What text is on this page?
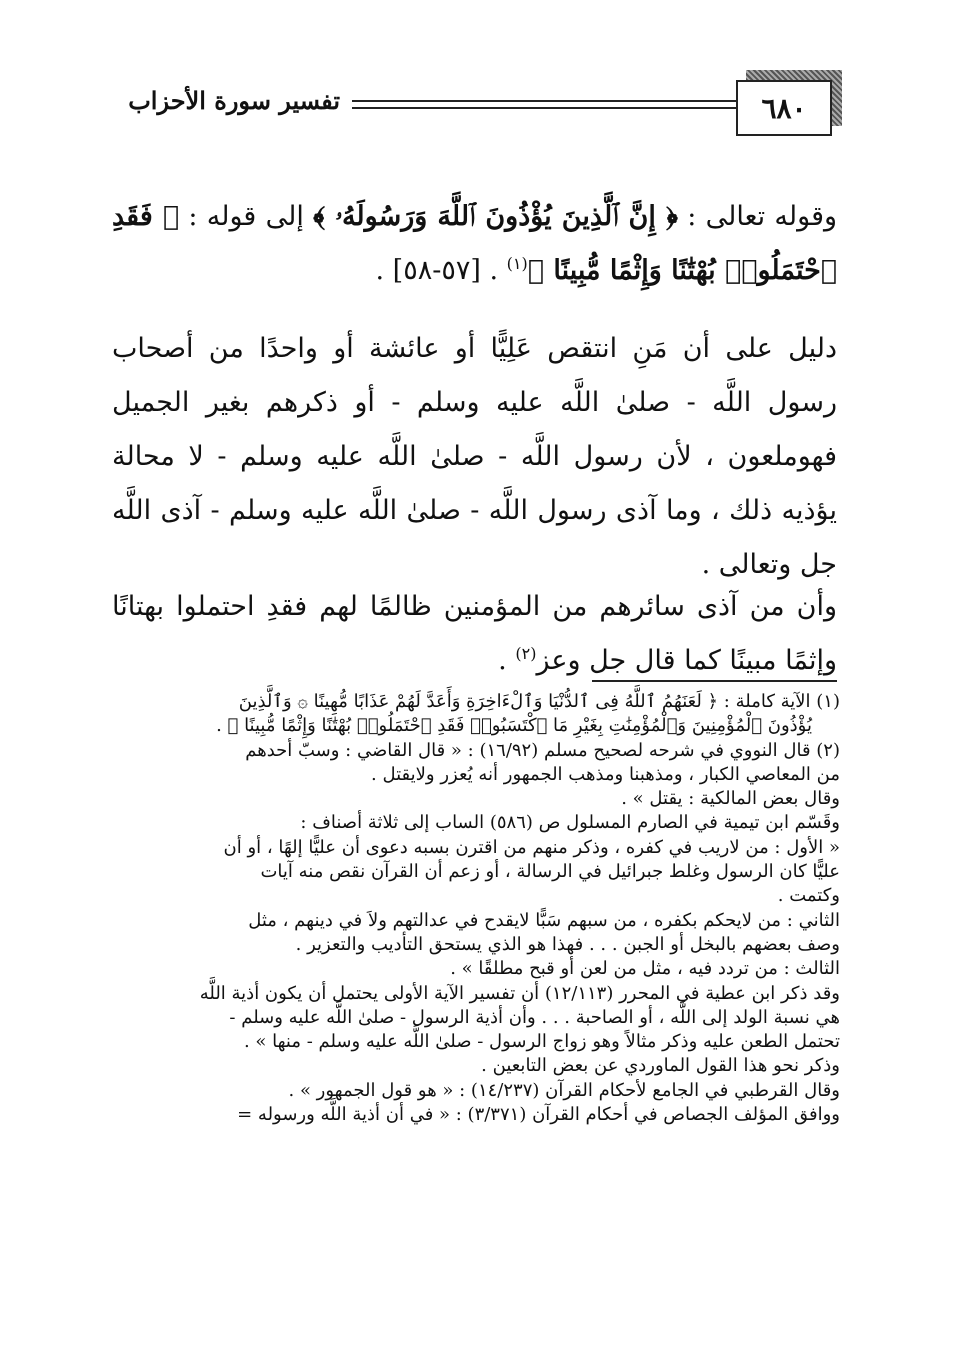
٦٨٠
تفسير سورة الأحزاب
وقوله تعالى : ﴿ إِنَّ ٱلَّذِينَ يُؤْذُونَ ٱللَّهَ وَرَسُولَهُۥ ﴾ إلى قوله : ﴿ فَقَدِ ٱحْتَمَلُوا۟ بُهْتَٰنًا وَإِثْمًا مُّبِينًا ﴾$^{(١)}$ . [٥٧-٥٨] .
دليل على أن مَنِ انتقص عَلِيًّا أو عائشة أو واحدًا من أصحاب رسول اللَّه - صلىٰ اللَّه عليه وسلم - أو ذكرهم بغير الجميل فهوملعون ، لأن رسول اللَّه - صلىٰ اللَّه عليه وسلم - لا محالة يؤذيه ذلك ، وما آذى رسول اللَّه - صلىٰ اللَّه عليه وسلم - آذى اللَّه جل وتعالى .
وأن من آذى سائرهم من المؤمنين ظالمًا لهم فقدِ احتملوا بهتانًا وإثمًا مبينًا كما قال جل وعز$^{(٢)}$ .
(١) الآية كاملة : ﴿ لَعَنَهُمُ ٱللَّهُ فِى ٱلدُّنْيَا وَٱلْءَاخِرَةِ وَأَعَدَّ لَهُمْ عَذَابًا مُّهِينًا ۞ وَٱلَّذِينَ
يُؤْذُونَ ٱلْمُؤْمِنِينَ وَٱلْمُؤْمِنَٰتِ بِغَيْرِ مَا ٱكْتَسَبُوا۟ فَقَدِ ٱحْتَمَلُوا۟ بُهْتَٰنًا وَإِثْمًا مُّبِينًا ﴾ .
(٢) قال النووي في شرحه لصحيح مسلم (١٦/٩٢) : « قال القاضي : وسبّ أحدهم
من المعاصي الكبار ، ومذهبنا ومذهب الجمهور أنه يُعزر ولايقتل .
وقال بعض المالكية : يقتل » .
وقَسّم ابن تيمية في الصارم المسلول ص (٥٨٦) الساب إلى ثلاثة أصناف :
« الأول : من لاريب في كفره ، وذكر منهم من اقترن بسبه دعوى أن عليًّا إلهًا ، أو أن
عليًّا كان الرسول وغلط جبرائيل في الرسالة ، أو زعم أن القرآن نقص منه آيات
وكتمت .
الثاني : من لايحكم بكفره ، من سبهم سَبًّا لايقدح في عدالتهم ولاَ في دينهم ، مثل
وصف بعضهم بالبخل أو الجبن . . . فهذا هو الذي يستحق التأديب والتعزير .
الثالث : من تردد فيه ، مثل من لعن أو قبح مطلقًا » .
وقد ذكر ابن عطية في المحرر (١٢/١١٣) أن تفسير الآية الأولى يحتمل أن يكون أذية اللَّه
هي نسبة الولد إلى اللَّه ، أو الصاحبة . . . وأن أذية الرسول - صلىٰ اللَّه عليه وسلم -
تحتمل الطعن عليه وذكر مثالاً وهو زواج الرسول - صلىٰ اللَّه عليه وسلم - منها » .
وذكر نحو هذا القول الماوردي عن بعض التابعين .
وقال القرطبي في الجامع لأحكام القرآن (١٤/٢٣٧) : « هو قول الجمهور » .
ووافق المؤلف الجصاص في أحكام القرآن (٣/٣٧١) : « في أن أذية اللَّه ورسوله =
